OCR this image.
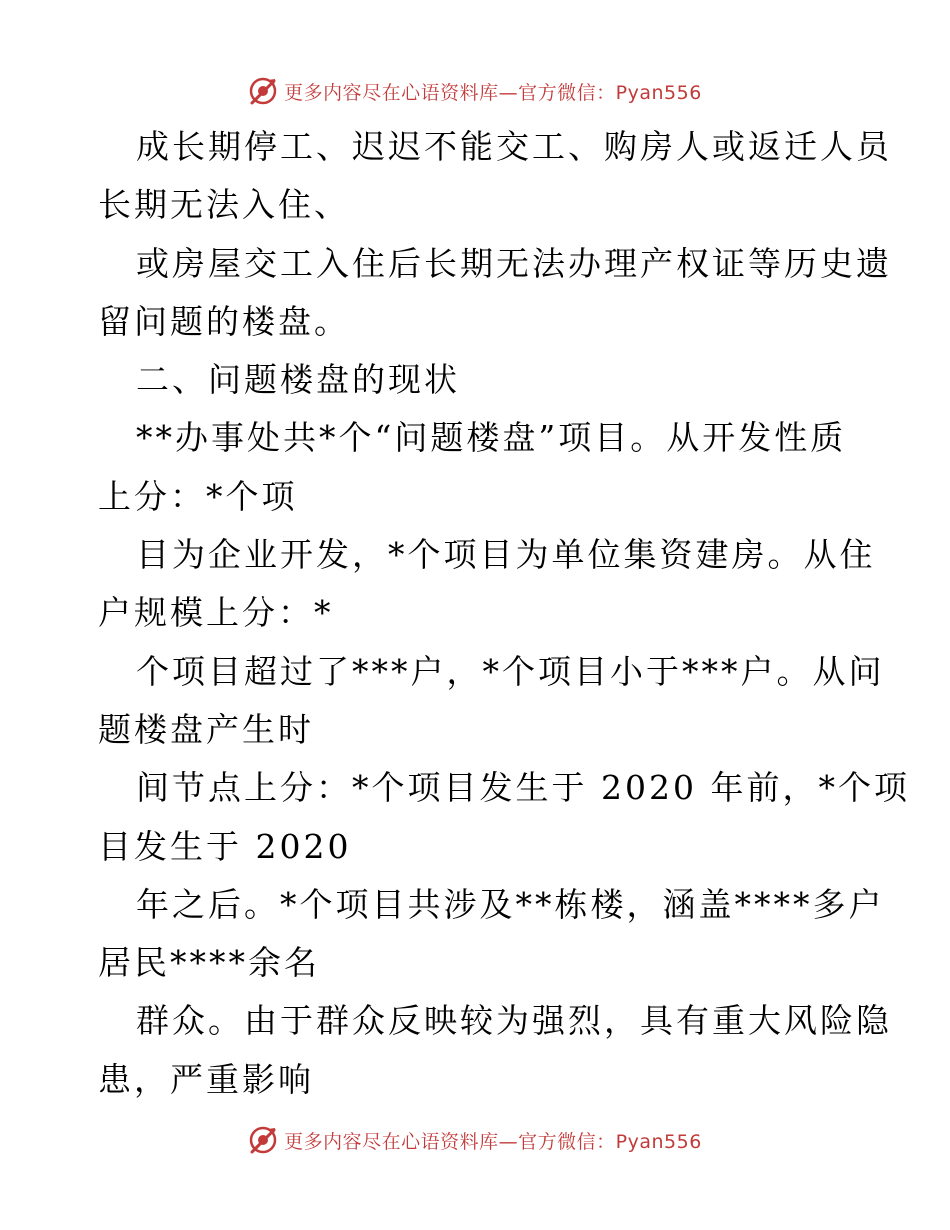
更多内容尽在心语资料库—官方微信：Pyan556
成长期停工、迟迟不能交工、购房人或返迁人员
长期无法入住、
或房屋交工入住后长期无法办理产权证等历史遗
留问题的楼盘。
二、问题楼盘的现状
**办事处共*个“问题楼盘”项目。从开发性质
上分：*个项
目为企业开发，*个项目为单位集资建房。从住
户规模上分：*
个项目超过了***户，*个项目小于***户。从问
题楼盘产生时
间节点上分：*个项目发生于 2020 年前，*个项
目发生于 2020
年之后。*个项目共涉及**栋楼，涵盖****多户
居民****余名
群众。由于群众反映较为强烈，具有重大风险隐
患，严重影响
更多内容尽在心语资料库—官方微信：Pyan556
